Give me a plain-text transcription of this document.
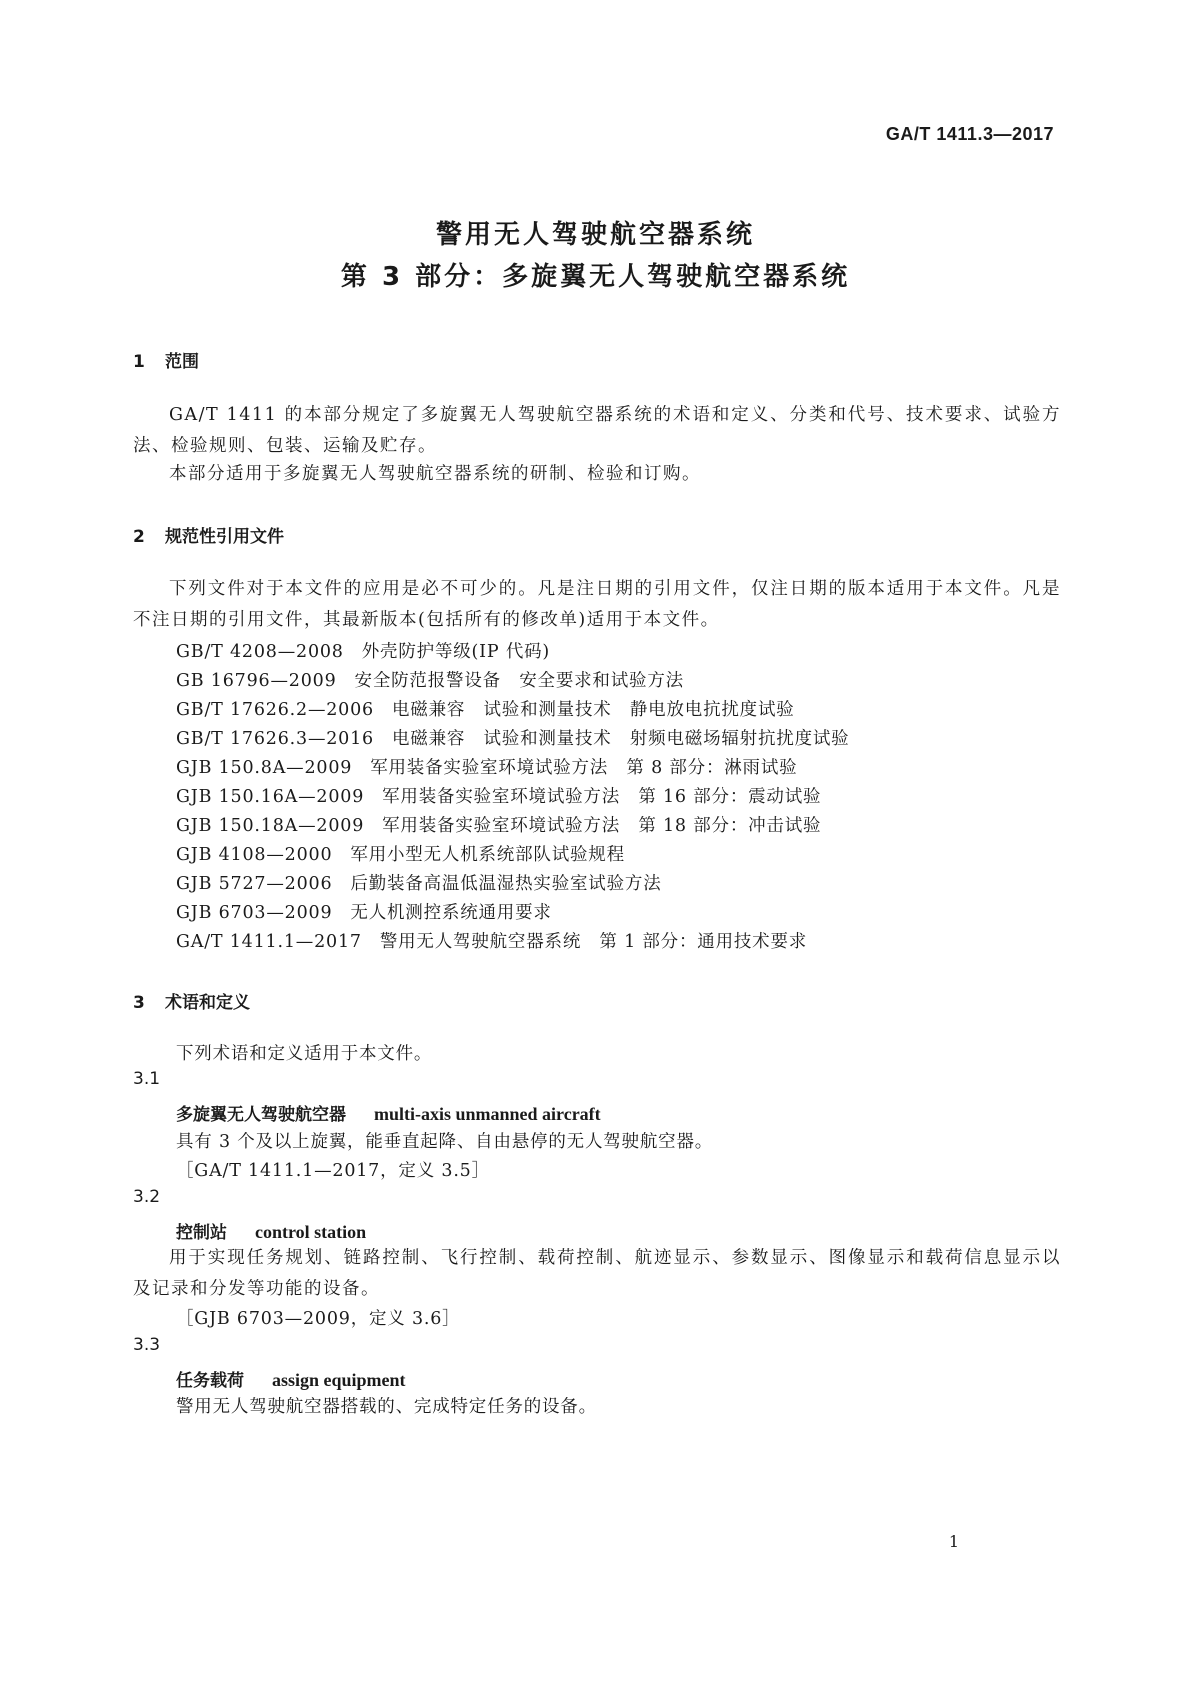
GA/T 1411.3—2017
警用无人驾驶航空器系统
第 3 部分：多旋翼无人驾驶航空器系统
1 范围
GA/T 1411 的本部分规定了多旋翼无人驾驶航空器系统的术语和定义、分类和代号、技术要求、试验方法、检验规则、包装、运输及贮存。
本部分适用于多旋翼无人驾驶航空器系统的研制、检验和订购。
2 规范性引用文件
下列文件对于本文件的应用是必不可少的。凡是注日期的引用文件，仅注日期的版本适用于本文件。凡是不注日期的引用文件，其最新版本(包括所有的修改单)适用于本文件。
GB/T 4208—2008 外壳防护等级(IP 代码)
GB 16796—2009 安全防范报警设备　安全要求和试验方法
GB/T 17626.2—2006 电磁兼容　试验和测量技术　静电放电抗扰度试验
GB/T 17626.3—2016 电磁兼容　试验和测量技术　射频电磁场辐射抗扰度试验
GJB 150.8A—2009 军用装备实验室环境试验方法　第 8 部分：淋雨试验
GJB 150.16A—2009 军用装备实验室环境试验方法　第 16 部分：震动试验
GJB 150.18A—2009 军用装备实验室环境试验方法　第 18 部分：冲击试验
GJB 4108—2000 军用小型无人机系统部队试验规程
GJB 5727—2006 后勤装备高温低温湿热实验室试验方法
GJB 6703—2009 无人机测控系统通用要求
GA/T 1411.1—2017 警用无人驾驶航空器系统　第 1 部分：通用技术要求
3 术语和定义
下列术语和定义适用于本文件。
3.1
多旋翼无人驾驶航空器 multi-axis unmanned aircraft
具有 3 个及以上旋翼，能垂直起降、自由悬停的无人驾驶航空器。
［GA/T 1411.1—2017，定义 3.5］
3.2
控制站 control station
用于实现任务规划、链路控制、飞行控制、载荷控制、航迹显示、参数显示、图像显示和载荷信息显示以及记录和分发等功能的设备。
［GJB 6703—2009，定义 3.6］
3.3
任务载荷 assign equipment
警用无人驾驶航空器搭载的、完成特定任务的设备。
1
